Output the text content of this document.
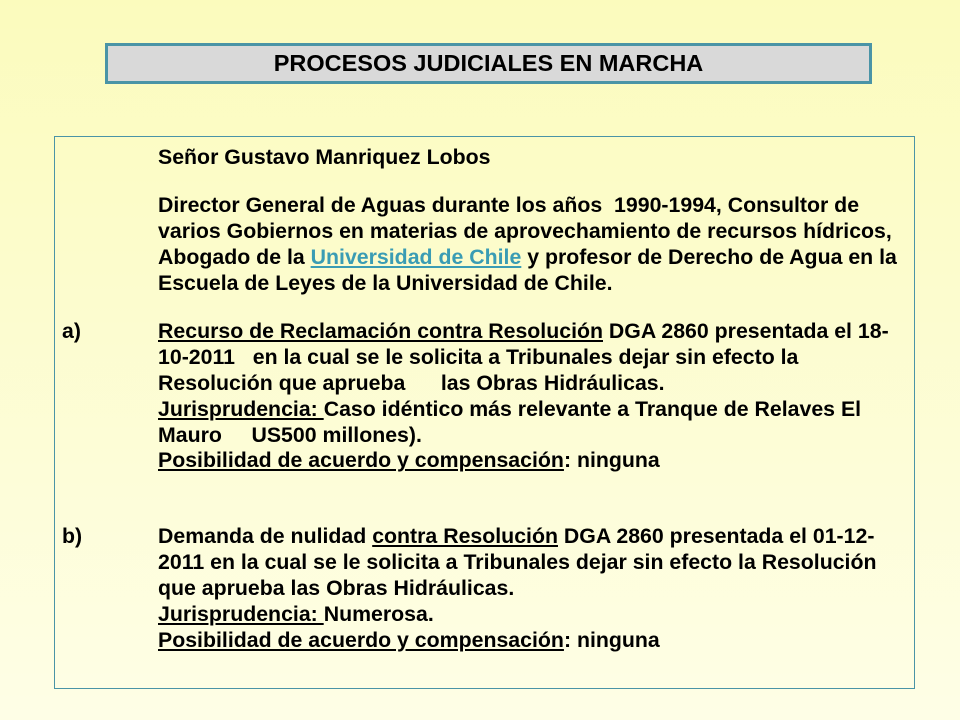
PROCESOS JUDICIALES EN MARCHA
Señor Gustavo Manriquez Lobos
Director General de Aguas durante los años  1990-1994, Consultor de
varios Gobiernos en materias de aprovechamiento de recursos hídricos,
Abogado de la Universidad de Chile y profesor de Derecho de Agua en la
Escuela de Leyes de la Universidad de Chile.
a)	Recurso de Reclamación contra Resolución DGA 2860 presentada el 18-
10-2011   en la cual se le solicita a Tribunales dejar sin efecto la
Resolución que aprueba      las Obras Hidráulicas.
Jurisprudencia: Caso idéntico más relevante a Tranque de Relaves El
Mauro     US500 millones).
Posibilidad de acuerdo y compensación: ninguna
b)	Demanda de nulidad contra Resolución DGA 2860 presentada el 01-12-
2011 en la cual se le solicita a Tribunales dejar sin efecto la Resolución
que aprueba las Obras Hidráulicas.
Jurisprudencia: Numerosa.
Posibilidad de acuerdo y compensación: ninguna
